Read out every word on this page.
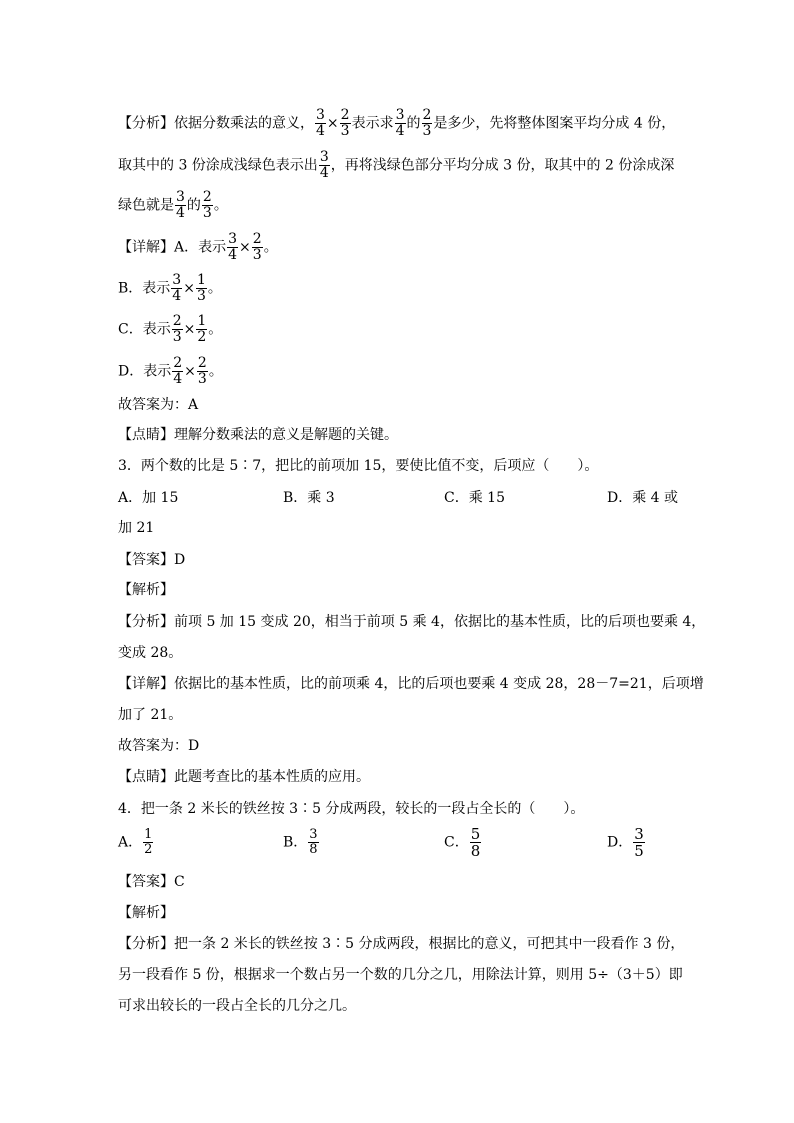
【分析】依据分数乘法的意义， $\frac{3}{4} \times \frac{2}{3}$ 表示求 $\frac{3}{4}$ 的 $\frac{2}{3}$ 是多少，先将整体图案平均分成 4 份，
取其中的 3 份涂成浅绿色表示出 $\frac{3}{4}$ ，再将浅绿色部分平均分成 3 份，取其中的 2 份涂成深
绿色就是 $\frac{3}{4}$ 的 $\frac{2}{3}$ 。
【详解】A．表示 $\frac{3}{4} \times \frac{2}{3}$ 。
B．表示 $\frac{3}{4} \times \frac{1}{3}$ 。
C．表示 $\frac{2}{3} \times \frac{1}{2}$ 。
D．表示 $\frac{2}{4} \times \frac{2}{3}$ 。
故答案为：A
【点睛】理解分数乘法的意义是解题的关键。
3．两个数的比是 5∶7，把比的前项加 15，要使比值不变，后项应（　　）。
A．加 15	B．乘 3	C．乘 15	D．乘 4 或
加 21
【答案】D
【解析】
【分析】前项 5 加 15 变成 20，相当于前项 5 乘 4，依据比的基本性质，比的后项也要乘 4，
变成 28。
【详解】依据比的基本性质，比的前项乘 4，比的后项也要乘 4 变成 28，28－7=21，后项增
加了 21。
故答案为：D
【点睛】此题考查比的基本性质的应用。
4．把一条 2 米长的铁丝按 3∶5 分成两段，较长的一段占全长的（　　）。
A． $\frac{1}{2}$	B． $\frac{3}{8}$	C． $\frac{5}{8}$	D． $\frac{3}{5}$
【答案】C
【解析】
【分析】把一条 2 米长的铁丝按 3∶5 分成两段，根据比的意义，可把其中一段看作 3 份，
另一段看作 5 份，根据求一个数占另一个数的几分之几，用除法计算，则用 5÷（3＋5）即
可求出较长的一段占全长的几分之几。
